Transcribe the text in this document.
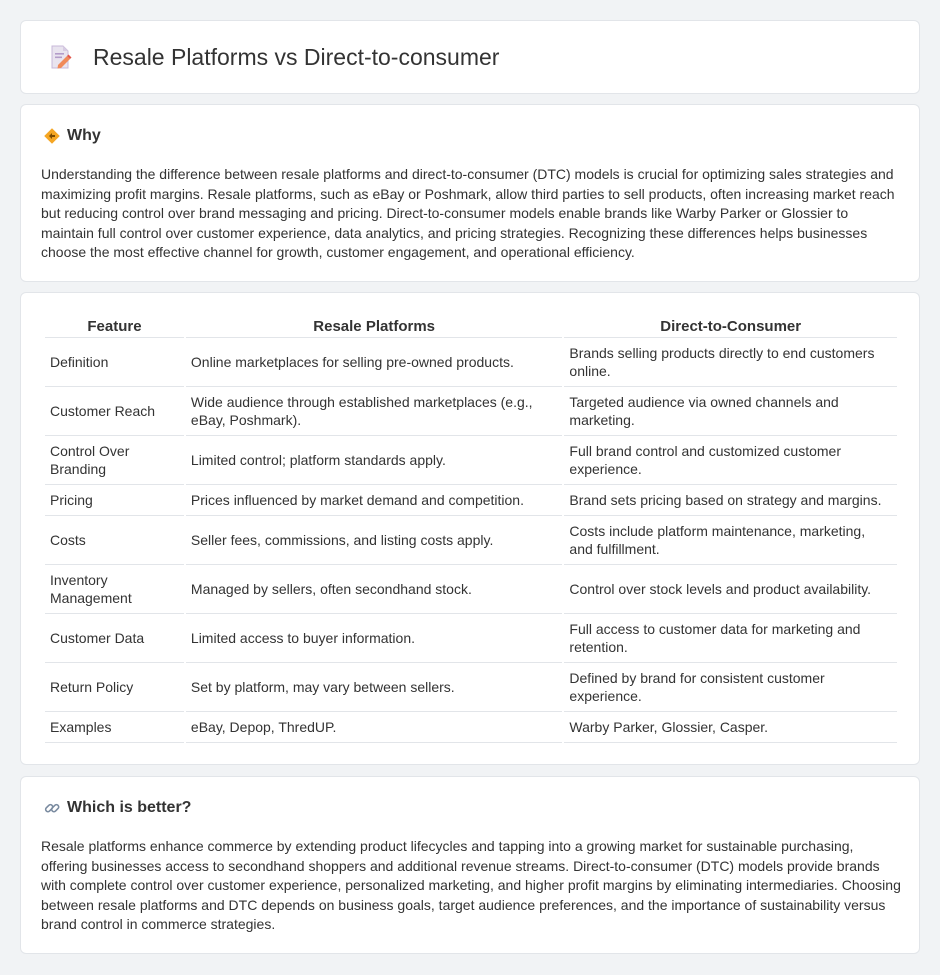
Resale Platforms vs Direct-to-consumer
Why

Understanding the difference between resale platforms and direct-to-consumer (DTC) models is crucial for optimizing sales strategies and maximizing profit margins. Resale platforms, such as eBay or Poshmark, allow third parties to sell products, often increasing market reach but reducing control over brand messaging and pricing. Direct-to-consumer models enable brands like Warby Parker or Glossier to maintain full control over customer experience, data analytics, and pricing strategies. Recognizing these differences helps businesses choose the most effective channel for growth, customer engagement, and operational efficiency.

Feature	Resale Platforms	Direct-to-Consumer
Definition	Online marketplaces for selling pre-owned products.	Brands selling products directly to end customers online.
Customer Reach	Wide audience through established marketplaces (e.g., eBay, Poshmark).	Targeted audience via owned channels and marketing.
Control Over Branding	Limited control; platform standards apply.	Full brand control and customized customer experience.
Pricing	Prices influenced by market demand and competition.	Brand sets pricing based on strategy and margins.
Costs	Seller fees, commissions, and listing costs apply.	Costs include platform maintenance, marketing, and fulfillment.
Inventory Management	Managed by sellers, often secondhand stock.	Control over stock levels and product availability.
Customer Data	Limited access to buyer information.	Full access to customer data for marketing and retention.
Return Policy	Set by platform, may vary between sellers.	Defined by brand for consistent customer experience.
Examples	eBay, Depop, ThredUP.	Warby Parker, Glossier, Casper.
Which is better?

Resale platforms enhance commerce by extending product lifecycles and tapping into a growing market for sustainable purchasing, offering businesses access to secondhand shoppers and additional revenue streams. Direct-to-consumer (DTC) models provide brands with complete control over customer experience, personalized marketing, and higher profit margins by eliminating intermediaries. Choosing between resale platforms and DTC depends on business goals, target audience preferences, and the importance of sustainability versus brand control in commerce strategies.
